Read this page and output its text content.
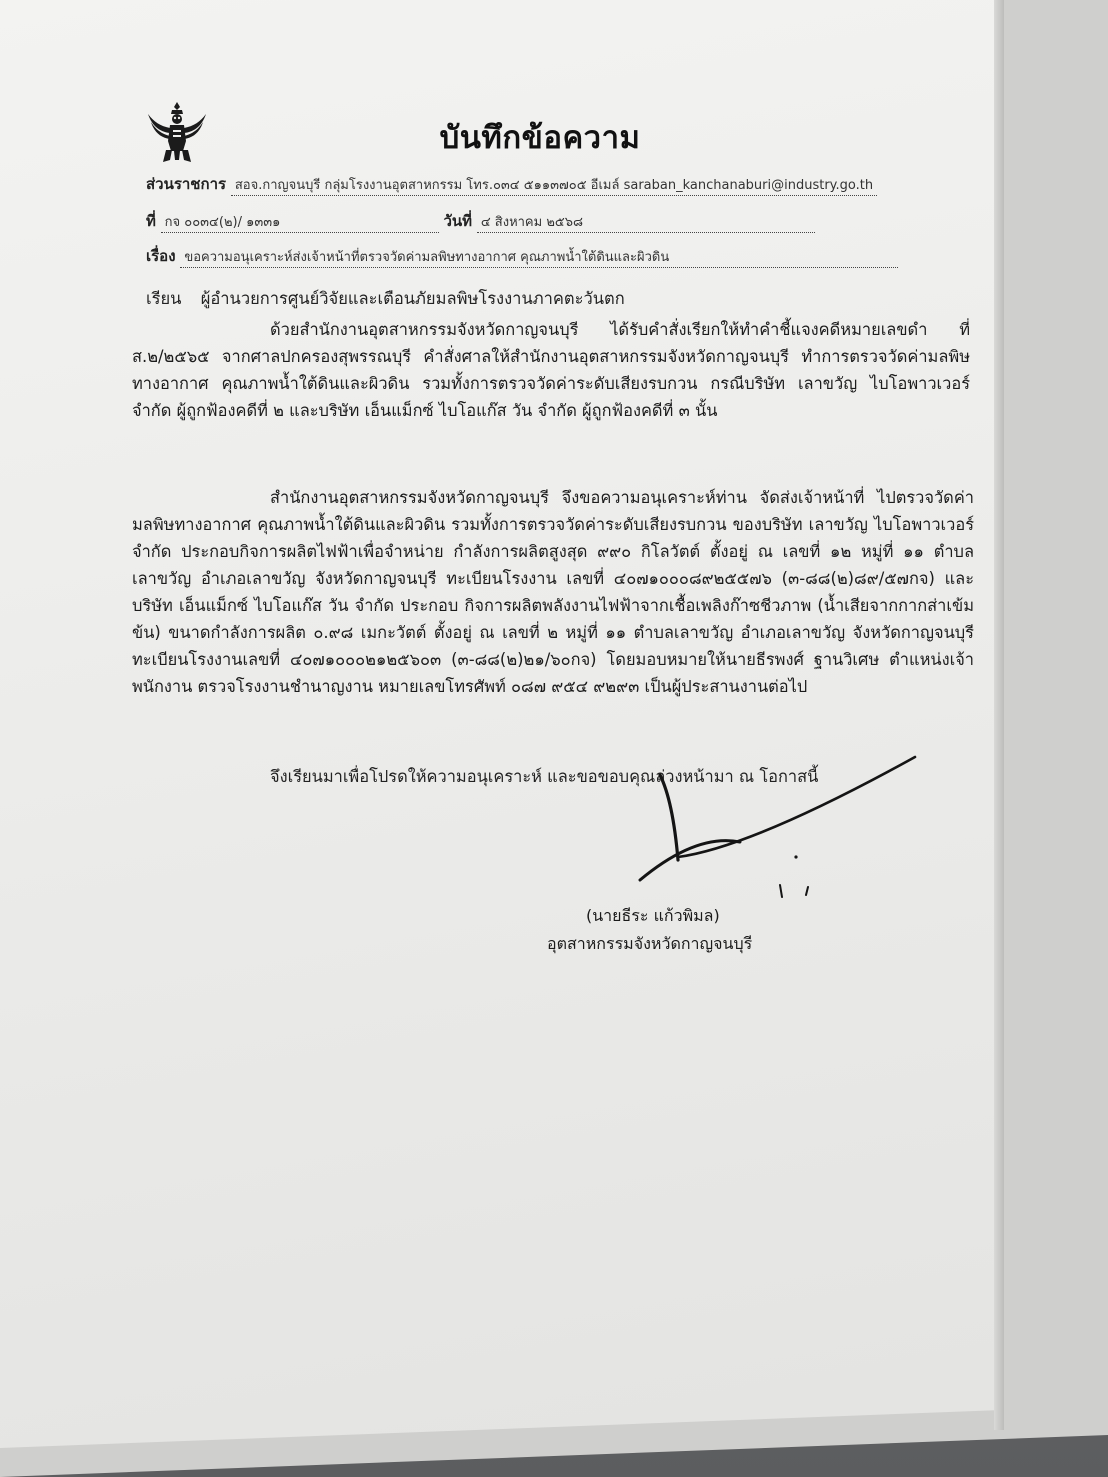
บันทึกข้อความ
ส่วนราชการ สอจ.กาญจนบุรี กลุ่มโรงงานอุตสาหกรรม โทร.๐๓๔ ๕๑๑๓๗๐๕ อีเมล์ saraban_kanchanaburi@industry.go.th
ที่ กจ ๐๐๓๔(๒)/ ๑๓๓๑	วันที่ ๔ สิงหาคม ๒๕๖๘
เรื่อง ขอความอนุเคราะห์ส่งเจ้าหน้าที่ตรวจวัดค่ามลพิษทางอากาศ คุณภาพน้ำใต้ดินและผิวดิน
เรียน ผู้อำนวยการศูนย์วิจัยและเตือนภัยมลพิษโรงงานภาคตะวันตก
ด้วยสำนักงานอุตสาหกรรมจังหวัดกาญจนบุรี ได้รับคำสั่งเรียกให้ทำคำชี้แจงคดีหมายเลขดำ ที่ ส.๒/๒๕๖๕ จากศาลปกครองสุพรรณบุรี คำสั่งศาลให้สำนักงานอุตสาหกรรมจังหวัดกาญจนบุรี ทำการตรวจวัดค่ามลพิษทางอากาศ คุณภาพน้ำใต้ดินและผิวดิน รวมทั้งการตรวจวัดค่าระดับเสียงรบกวน กรณีบริษัท เลาขวัญ ไบโอพาวเวอร์ จำกัด ผู้ถูกฟ้องคดีที่ ๒ และบริษัท เอ็นแม็กซ์ ไบโอแก๊ส วัน จำกัด ผู้ถูกฟ้องคดีที่ ๓ นั้น
สำนักงานอุตสาหกรรมจังหวัดกาญจนบุรี จึงขอความอนุเคราะห์ท่าน จัดส่งเจ้าหน้าที่ ไปตรวจวัดค่ามลพิษทางอากาศ คุณภาพน้ำใต้ดินและผิวดิน รวมทั้งการตรวจวัดค่าระดับเสียงรบกวน ของบริษัท เลาขวัญ ไบโอพาวเวอร์ จำกัด ประกอบกิจการผลิตไฟฟ้าเพื่อจำหน่าย กำลังการผลิตสูงสุด ๙๙๐ กิโลวัตต์ ตั้งอยู่ ณ เลขที่ ๑๒ หมู่ที่ ๑๑ ตำบลเลาขวัญ อำเภอเลาขวัญ จังหวัดกาญจนบุรี ทะเบียนโรงงาน เลขที่ ๔๐๗๑๐๐๐๘๙๒๕๕๗๖ (๓-๘๘(๒)๘๙/๕๗กจ) และบริษัท เอ็นแม็กซ์ ไบโอแก๊ส วัน จำกัด ประกอบ กิจการผลิตพลังงานไฟฟ้าจากเชื้อเพลิงก๊าซชีวภาพ (น้ำเสียจากกากส่าเข้มข้น) ขนาดกำลังการผลิต ๐.๙๘ เมกะวัตต์ ตั้งอยู่ ณ เลขที่ ๒ หมู่ที่ ๑๑ ตำบลเลาขวัญ อำเภอเลาขวัญ จังหวัดกาญจนบุรี ทะเบียนโรงงานเลขที่ ๔๐๗๑๐๐๐๒๑๒๕๖๐๓ (๓-๘๘(๒)๒๑/๖๐กจ) โดยมอบหมายให้นายธีรพงศ์ ฐานวิเศษ ตำแหน่งเจ้าพนักงาน ตรวจโรงงานชำนาญงาน หมายเลขโทรศัพท์ ๐๘๗ ๙๕๔ ๙๒๙๓ เป็นผู้ประสานงานต่อไป
จึงเรียนมาเพื่อโปรดให้ความอนุเคราะห์ และขอขอบคุณล่วงหน้ามา ณ โอกาสนี้
(นายธีระ แก้วพิมล)
อุตสาหกรรมจังหวัดกาญจนบุรี
